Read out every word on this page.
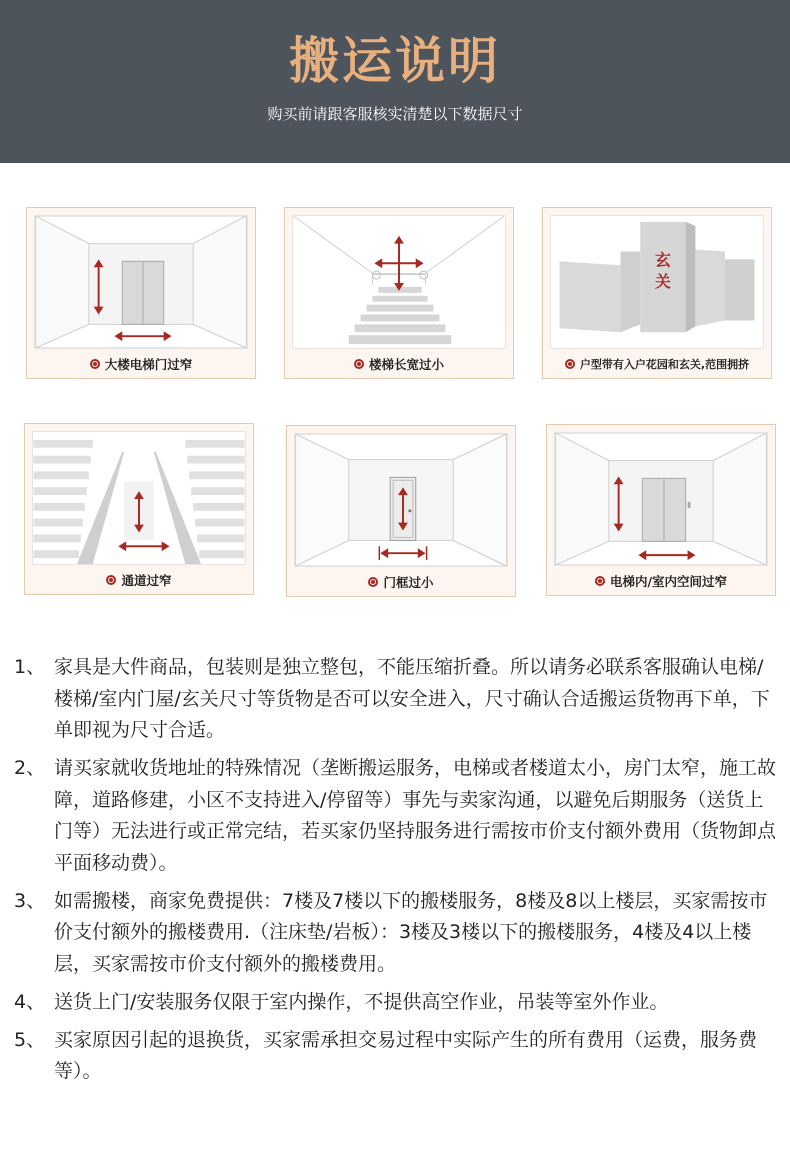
搬运说明
购买前请跟客服核实清楚以下数据尺寸
大楼电梯门过窄	楼梯长宽过小
玄
关
户型带有入户花园和玄关,范围拥挤
通道过窄	门框过小	电梯内/室内空间过窄
1、 家具是大件商品，包装则是独立整包，不能压缩折叠。所以请务必联系客服确认电梯/楼梯/室内门屋/玄关尺寸等货物是否可以安全进入，尺寸确认合适搬运货物再下单，下单即视为尺寸合适。
2、 请买家就收货地址的特殊情况（垄断搬运服务，电梯或者楼道太小，房门太窄，施工故障，道路修建，小区不支持进入/停留等）事先与卖家沟通，以避免后期服务（送货上门等）无法进行或正常完结，若买家仍坚持服务进行需按市价支付额外费用（货物卸点平面移动费）。
3、 如需搬楼，商家免费提供：7楼及7楼以下的搬楼服务，8楼及8以上楼层，买家需按市价支付额外的搬楼费用.（注床垫/岩板）：3楼及3楼以下的搬楼服务，4楼及4以上楼层，买家需按市价支付额外的搬楼费用。
4、 送货上门/安装服务仅限于室内操作，不提供高空作业，吊装等室外作业。
5、 买家原因引起的退换货，买家需承担交易过程中实际产生的所有费用（运费，服务费等）。
